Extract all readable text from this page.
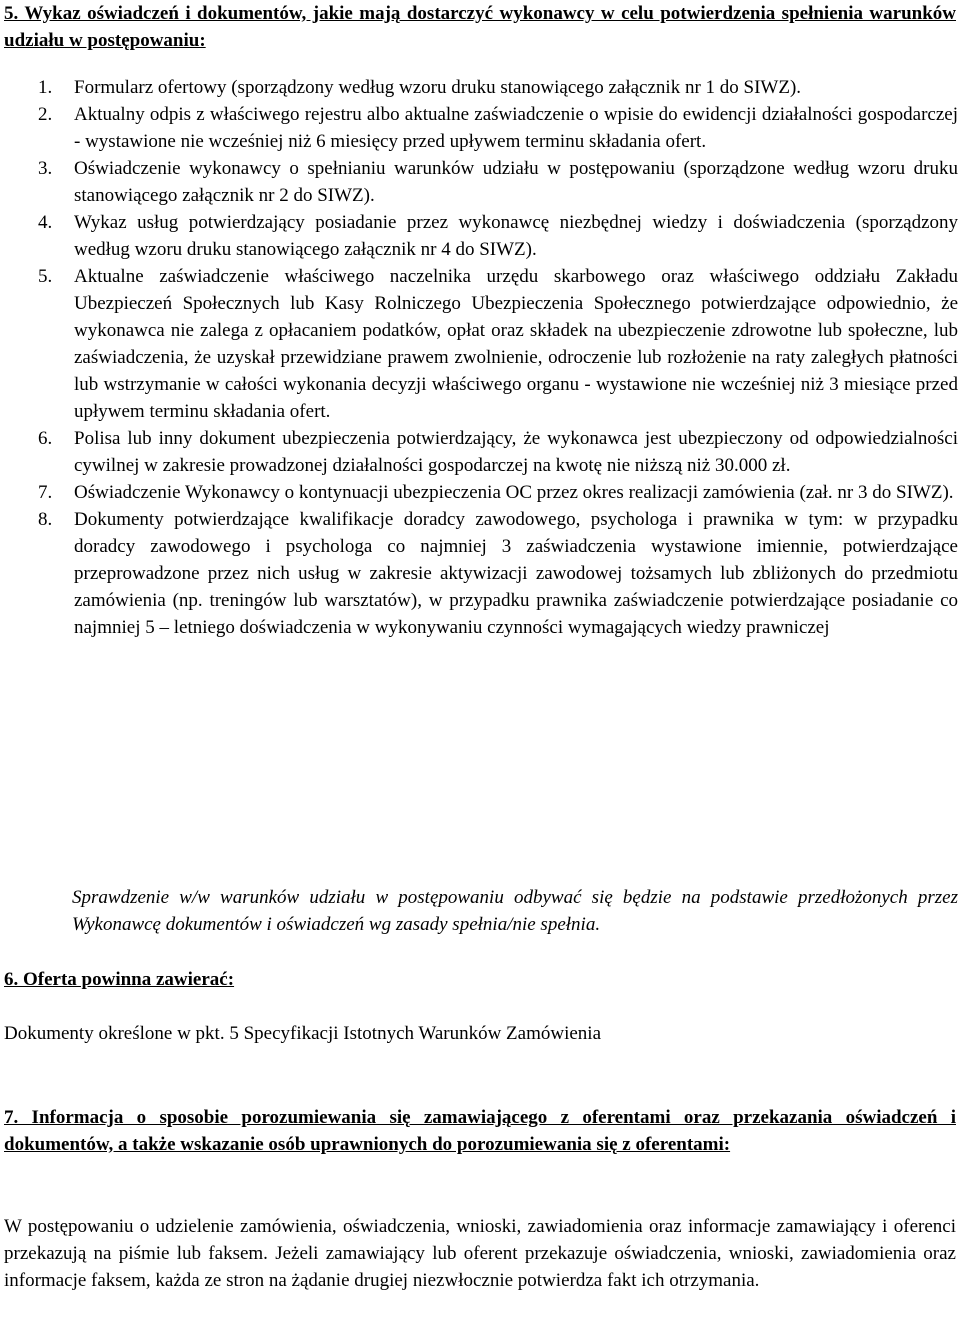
5. Wykaz oświadczeń i dokumentów, jakie mają dostarczyć wykonawcy w celu potwierdzenia spełnienia warunków udziału w postępowaniu:
1. Formularz ofertowy (sporządzony według wzoru druku stanowiącego załącznik nr 1 do SIWZ).
2. Aktualny odpis z właściwego rejestru albo aktualne zaświadczenie o wpisie do ewidencji działalności gospodarczej - wystawione nie wcześniej niż 6 miesięcy przed upływem terminu składania ofert.
3. Oświadczenie wykonawcy o spełnianiu warunków udziału w postępowaniu (sporządzone według wzoru druku stanowiącego załącznik nr 2 do SIWZ).
4. Wykaz usług potwierdzający posiadanie przez wykonawcę niezbędnej wiedzy i doświadczenia (sporządzony według wzoru druku stanowiącego załącznik nr 4 do SIWZ).
5. Aktualne zaświadczenie właściwego naczelnika urzędu skarbowego oraz właściwego oddziału Zakładu Ubezpieczeń Społecznych lub Kasy Rolniczego Ubezpieczenia Społecznego potwierdzające odpowiednio, że wykonawca nie zalega z opłacaniem podatków, opłat oraz składek na ubezpieczenie zdrowotne lub społeczne, lub zaświadczenia, że uzyskał przewidziane prawem zwolnienie, odroczenie lub rozłożenie na raty zaległych płatności lub wstrzymanie w całości wykonania decyzji właściwego organu - wystawione nie wcześniej niż 3 miesiące przed upływem terminu składania ofert.
6. Polisa lub inny dokument ubezpieczenia potwierdzający, że wykonawca jest ubezpieczony od odpowiedzialności cywilnej w zakresie prowadzonej działalności gospodarczej na kwotę nie niższą niż 30.000 zł.
7. Oświadczenie Wykonawcy o kontynuacji ubezpieczenia OC przez okres realizacji zamówienia (zał. nr 3 do SIWZ).
8. Dokumenty potwierdzające kwalifikacje doradcy zawodowego, psychologa i prawnika w tym: w przypadku doradcy zawodowego i psychologa co najmniej 3 zaświadczenia wystawione imiennie, potwierdzające przeprowadzone przez nich usług w zakresie aktywizacji zawodowej tożsamych lub zbliżonych do przedmiotu zamówienia (np. treningów lub warsztatów), w przypadku prawnika zaświadczenie potwierdzające posiadanie co najmniej 5 – letniego doświadczenia w wykonywaniu czynności wymagających wiedzy prawniczej
Sprawdzenie w/w warunków udziału w postępowaniu odbywać się będzie na podstawie przedłożonych przez Wykonawcę dokumentów i oświadczeń wg zasady spełnia/nie spełnia.
6. Oferta powinna zawierać:
Dokumenty określone w pkt. 5 Specyfikacji Istotnych Warunków Zamówienia
7. Informacja o sposobie porozumiewania się zamawiającego z oferentami oraz przekazania oświadczeń i dokumentów, a także wskazanie osób uprawnionych do porozumiewania się z oferentami:
W postępowaniu o udzielenie zamówienia, oświadczenia, wnioski, zawiadomienia oraz informacje zamawiający i oferenci przekazują na piśmie lub faksem. Jeżeli zamawiający lub oferent przekazuje oświadczenia, wnioski, zawiadomienia oraz informacje faksem, każda ze stron na żądanie drugiej niezwłocznie potwierdza fakt ich otrzymania.
